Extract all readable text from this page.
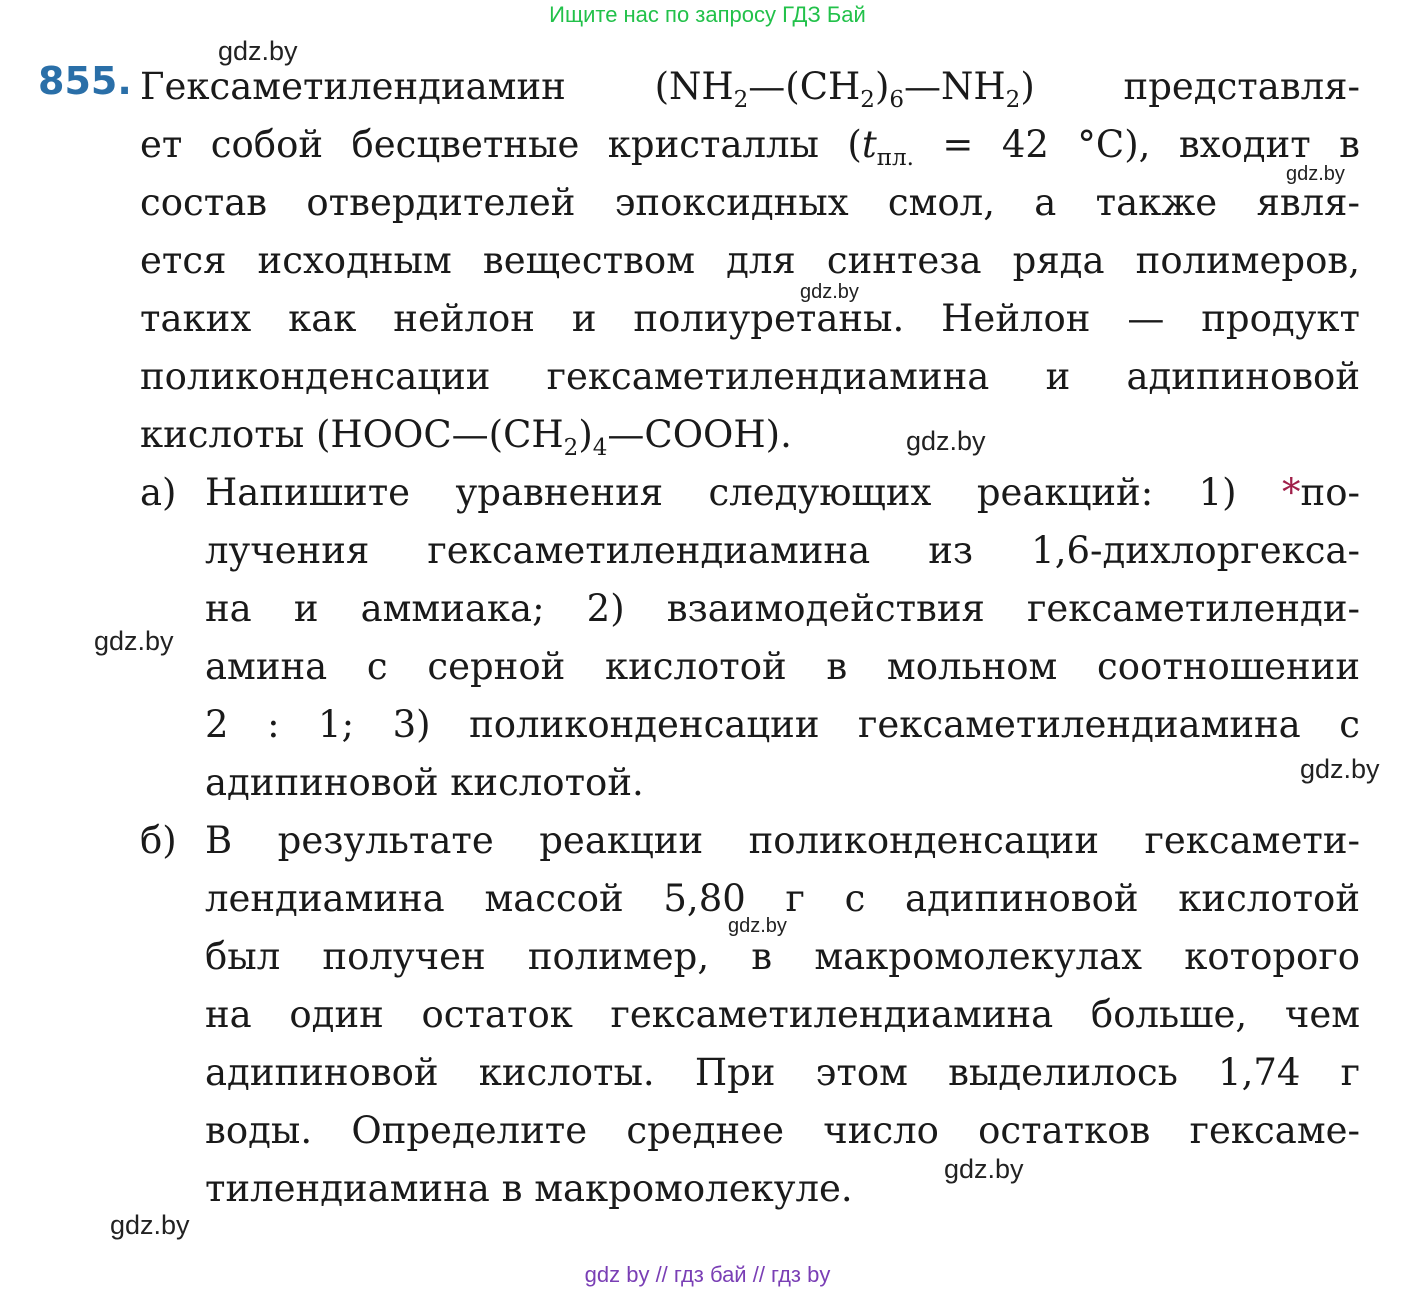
Ищите нас по запросу ГДЗ Бай
855. Гексаметилендиамин $(NH_2—(CH_2)_6—NH_2)$ представля-
ет собой бесцветные кристаллы ($t_{пл.} = 42$ °C), входит в
состав отвердителей эпоксидных смол, а также явля-
ется исходным веществом для синтеза ряда полимеров,
таких как нейлон и полиуретаны. Нейлон — продукт
поликонденсации гексаметилендиамина и адипиновой
кислоты $(HOOC—(CH_2)_4—COOH)$.
а) Напишите уравнения следующих реакций: 1) *по-
лучения гексаметилендиамина из 1,6-дихлоргекса-
на и аммиака; 2) взаимодействия гексаметиленди-
амина с серной кислотой в мольном соотношении
2 : 1; 3) поликонденсации гексаметилендиамина с
адипиновой кислотой.
б) В результате реакции поликонденсации гексамети-
лендиамина массой 5,80 г с адипиновой кислотой
был получен полимер, в макромолекулах которого
на один остаток гексаметилендиамина больше, чем
адипиновой кислоты. При этом выделилось 1,74 г
воды. Определите среднее число остатков гексаме-
тилендиамина в макромолекуле.
gdz.by
gdz.by
gdz.by
gdz.by
gdz.by
gdz.by
gdz.by
gdz.by
gdz.by
gdz by // гдз бай // гдз by
